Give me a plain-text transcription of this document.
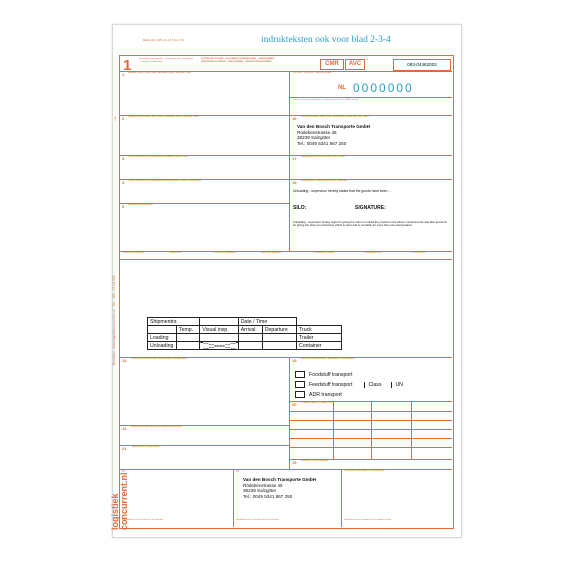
Maße 210 x 305 mm ± 0,5 mm / Tol	indrukteksten ook voor blad 2-3-4
1	Exemplaar voor afzender · Exemplaire pour l'expéditeur · Exemplar für Absender
LETTRE DE VOITURE - DOCUMENT INTERNATIONAL · VRACHTBRIEF - VERVOERSDOCUMENT · FRACHTBRIEF - TRANSPORTDOKUMENT	CMR	AVC	083-04462002
Nr.
1 Afzender (naam, adres, land) / Absender (Name, Anschrift, Land)	Zie verso · Voir verso · Siehe Rückseite
NL 0000000
Deze vervoersovereenkomst is onderworpen aan het CMR-verdrag
2 Geadresseerde (naam, adres, land) / Empfänger (Name, Anschrift, Land)	16 Vervoerder (naam, adres, land) / Frachtführer (Name, Anschrift, Land)
Van den Bosch Transporte GmbH
Rödekenstrasse 45
38239 Salzgitter
Tel.: 0049 5341 867 250
3 Plaats bestemd voor de aflevering der goederen (plaats, land)	17 Opvolgende vervoerders (naam, adres, land)
4 Plaats en datum van inontvangstneming der goederen (plaats, land, datum)	18 Voorbehoud en opmerkingen van de vervoerder
Unloading - supervisor hereby states that the goods have been ...
SILO:	SIGNATURE:
Unloading - supervisor hereby signs for giving the order to unload the product in the above mentioned silo and also accounts for giving the driver an instruction which is clear and is not liable for more than one interpretation.
5 Bijgevoegde documenten
6 Merken en nummers	7 Aantal colli	8 Wijze van verpakking	9 Aard der goederen	10 Statistisch nummer	11 Brutogewicht kg	12 Volume m3
Shipmentnr.			Date / Time		
	Temp.	Visual insp.	Arrival	Departure	Truck
Loading					Trailer
Unloading					Container
13 Instructies van de afzender / Anweisungen des Absenders	19 Speciale overeenkomsten / Besondere Vereinbarungen
Foodstuff transport
Feedstuff transport	Class	UN
ADR transport
20 Te betalen door / Zu zahlen vom
14 Bepalingen inzake frankering / Frankaturvorschriften
21 Opgemaakt te / Ausgefertigt in
15 Rembours / Rückerstattung
22	23	24 Goederen ontvangen / Gut empfangen
Van den Bosch Transporte GmbH
Rödekenstrasse 45
38239 Salzgitter
Tel.: 0049 5341 867 250
Handtekening en stempel van de afzender	Handtekening en stempel van de vervoerder	Handtekening en stempel van de geadresseerde
logistiek concurrent.nl
Bestellen: www.logistiekconcurrent.nl · Tel.: 085 - 27 24 999
2495
